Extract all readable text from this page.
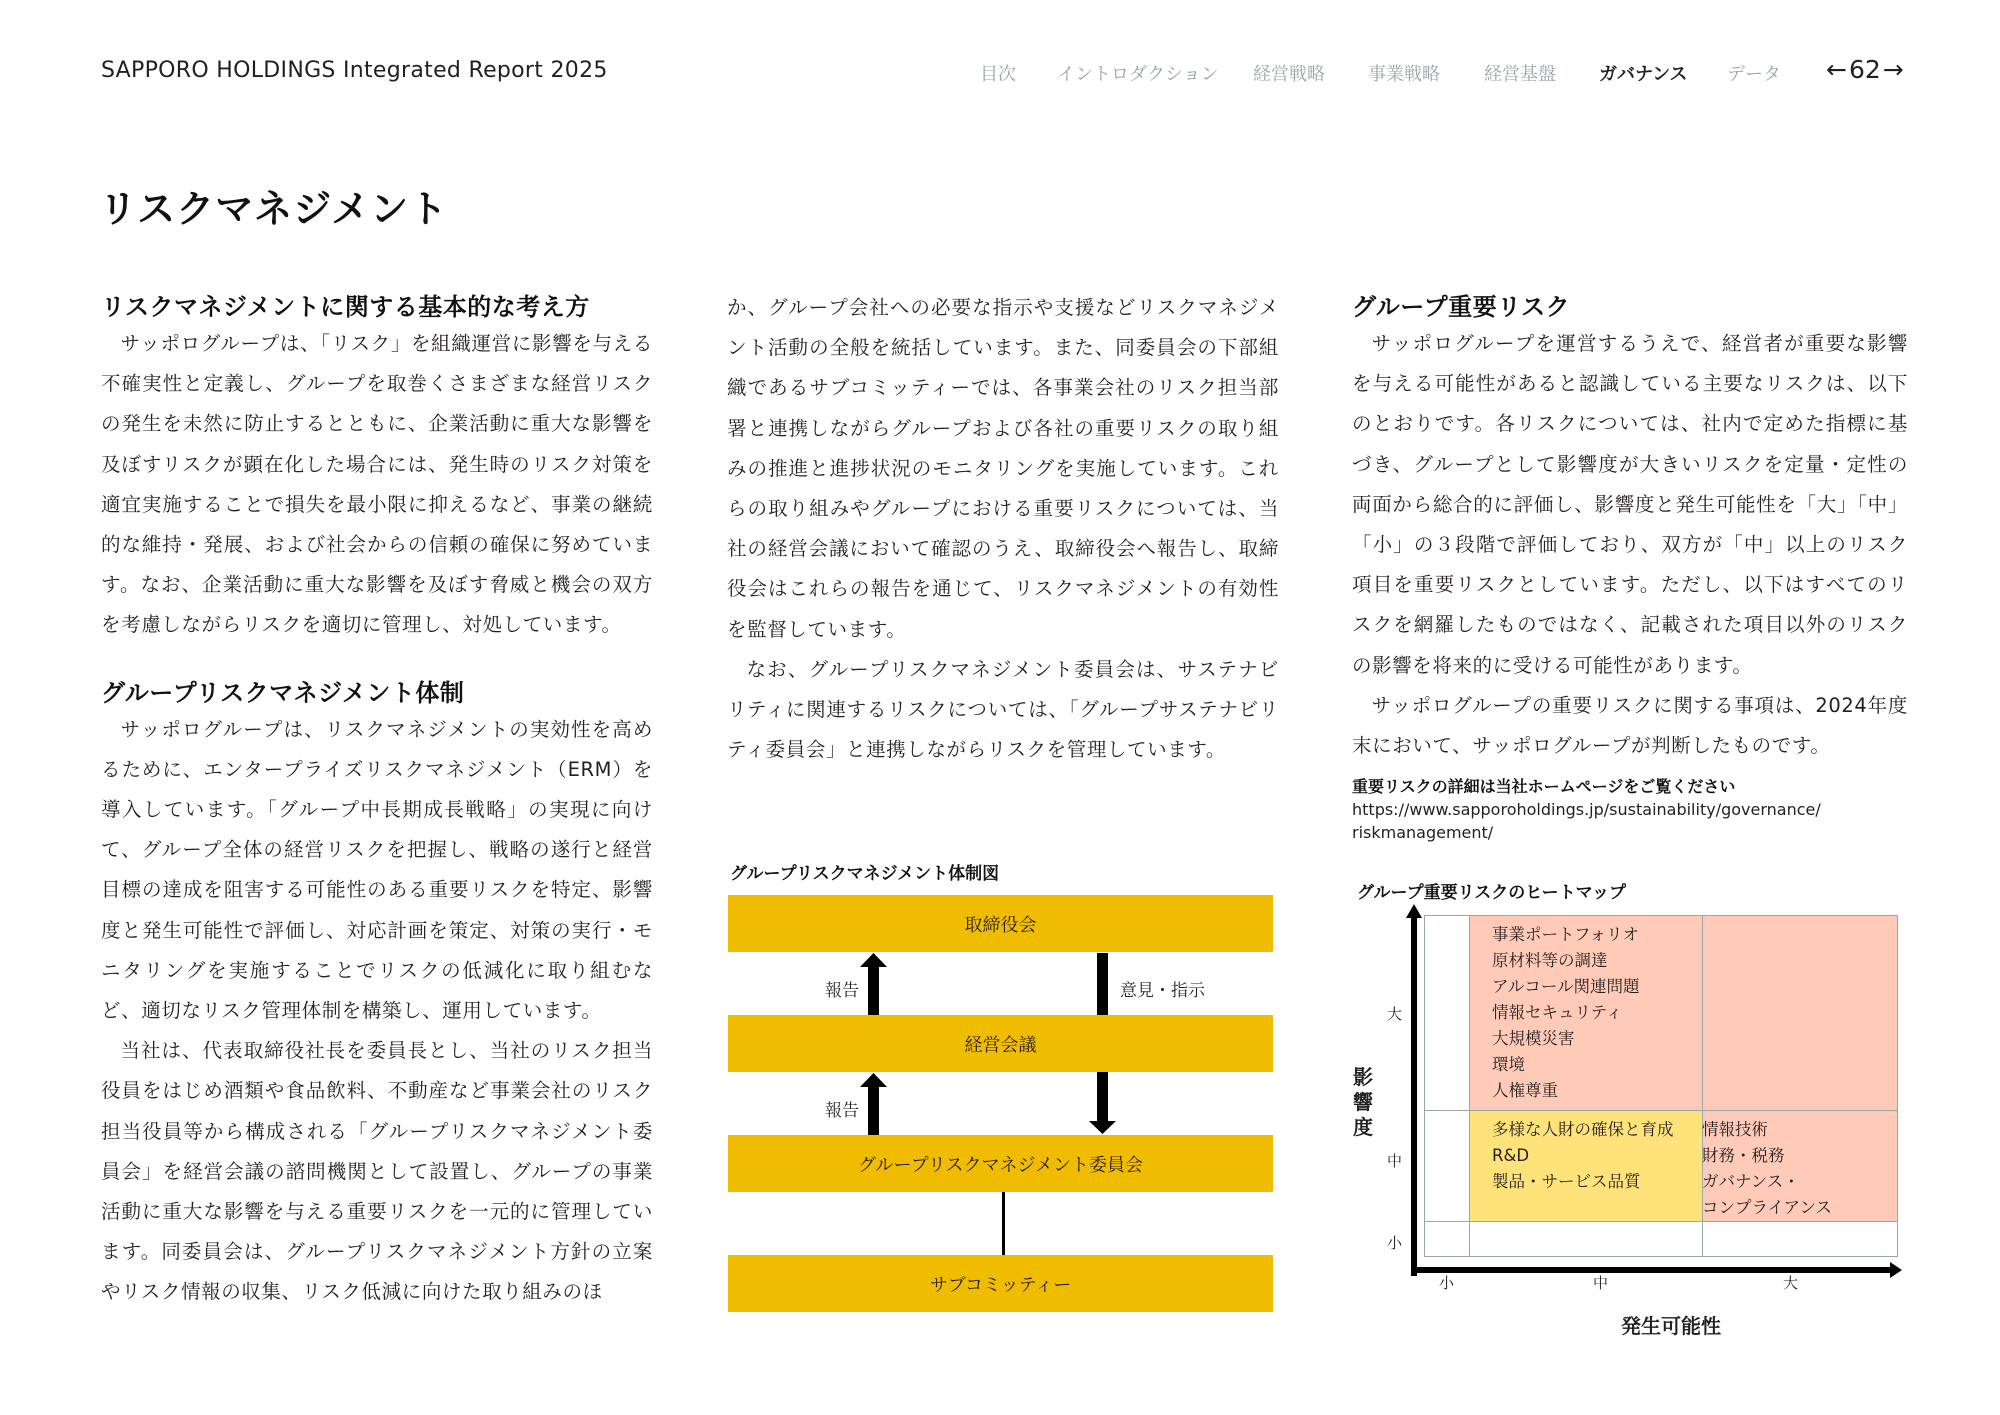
SAPPORO HOLDINGS Integrated Report 2025	目次 イントロダクション 経営戦略 事業戦略 経営基盤 ガバナンス データ ← 62 →
リスクマネジメント
リスクマネジメントに関する基本的な考え方

サッポログループは、「リスク」を組織運営に影響を与える不確実性と定義し、グループを取巻くさまざまな経営リスクの発生を未然に防止するとともに、企業活動に重大な影響を及ぼすリスクが顕在化した場合には、発生時のリスク対策を適宜実施することで損失を最小限に抑えるなど、事業の継続的な維持・発展、および社会からの信頼の確保に努めています。なお、企業活動に重大な影響を及ぼす脅威と機会の双方を考慮しながらリスクを適切に管理し、対処しています。

グループリスクマネジメント体制

サッポログループは、リスクマネジメントの実効性を高めるために、エンタープライズリスクマネジメント（ERM）を導入しています。「グループ中長期成長戦略」の実現に向けて、グループ全体の経営リスクを把握し、戦略の遂行と経営目標の達成を阻害する可能性のある重要リスクを特定、影響度と発生可能性で評価し、対応計画を策定、対策の実行・モニタリングを実施することでリスクの低減化に取り組むなど、適切なリスク管理体制を構築し、運用しています。

当社は、代表取締役社長を委員長とし、当社のリスク担当役員をはじめ酒類や食品飲料、不動産など事業会社のリスク担当役員等から構成される「グループリスクマネジメント委員会」を経営会議の諮問機関として設置し、グループの事業活動に重大な影響を与える重要リスクを一元的に管理しています。同委員会は、グループリスクマネジメント方針の立案やリスク情報の収集、リスク低減に向けた取り組みのほ

か、グループ会社への必要な指示や支援などリスクマネジメント活動の全般を統括しています。また、同委員会の下部組織であるサブコミッティーでは、各事業会社のリスク担当部署と連携しながらグループおよび各社の重要リスクの取り組みの推進と進捗状況のモニタリングを実施しています。これらの取り組みやグループにおける重要リスクについては、当社の経営会議において確認のうえ、取締役会へ報告し、取締役会はこれらの報告を通じて、リスクマネジメントの有効性を監督しています。

なお、グループリスクマネジメント委員会は、サステナビリティに関連するリスクについては、「グループサステナビリティ委員会」と連携しながらリスクを管理しています。

グループリスクマネジメント体制図
取締役会
経営会議
グループリスクマネジメント委員会
サブコミッティー
報告	意見・指示
報告
グループ重要リスク

サッポログループを運営するうえで、経営者が重要な影響を与える可能性があると認識している主要なリスクは、以下のとおりです。各リスクについては、社内で定めた指標に基づき、グループとして影響度が大きいリスクを定量・定性の両面から総合的に評価し、影響度と発生可能性を「大」「中」「小」の３段階で評価しており、双方が「中」以上のリスク項目を重要リスクとしています。ただし、以下はすべてのリスクを網羅したものではなく、記載された項目以外のリスクの影響を将来的に受ける可能性があります。

サッポログループの重要リスクに関する事項は、2024年度末において、サッポログループが判断したものです。

重要リスクの詳細は当社ホームページをご覧ください
https://www.sapporoholdings.jp/sustainability/governance/riskmanagement/
グループ重要リスクのヒートマップ
事業ポートフォリオ
原材料等の調達
アルコール関連問題
情報セキュリティ
大規模災害
環境
人権尊重
多様な人財の確保と育成
R&D
製品・サービス品質
情報技術
財務・税務
ガバナンス・
コンプライアンス
大
中
小
小	中	大
影
響
度
発生可能性
